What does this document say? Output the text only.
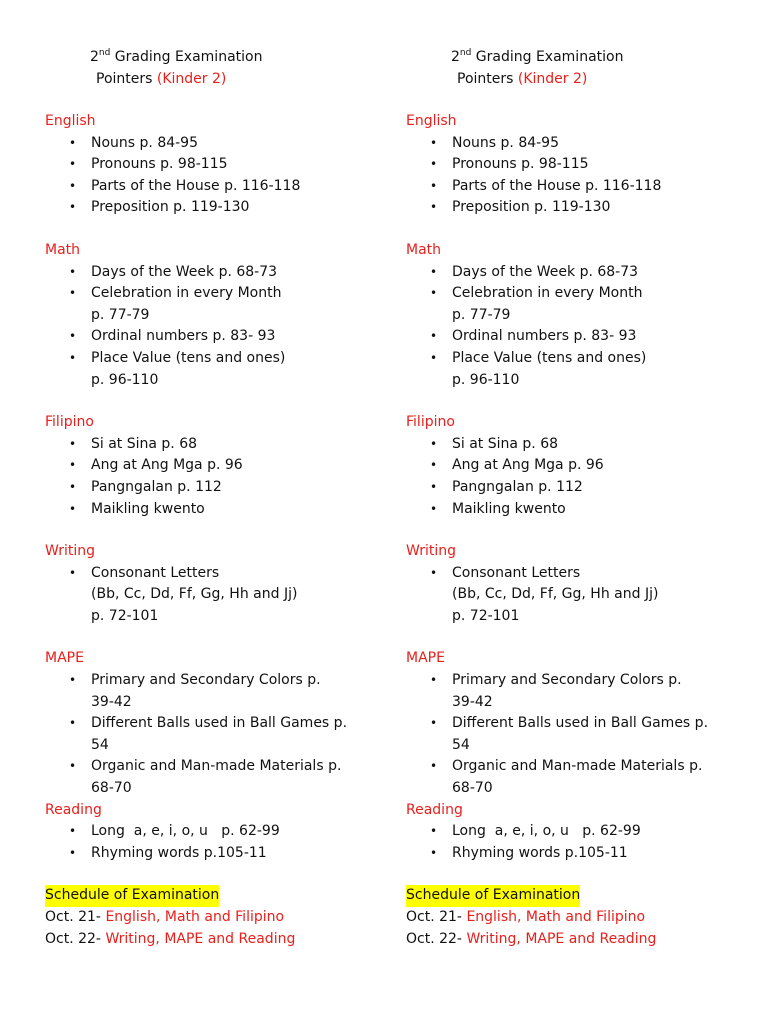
2nd Grading Examination
Pointers (Kinder 2)
English
• Nouns p. 84-95
• Pronouns p. 98-115
• Parts of the House p. 116-118
• Preposition p. 119-130
Math
• Days of the Week p. 68-73
• Celebration in every Month
p. 77-79
• Ordinal numbers p. 83- 93
• Place Value (tens and ones)
p. 96-110
Filipino
• Si at Sina p. 68
• Ang at Ang Mga p. 96
• Pangngalan p. 112
• Maikling kwento
Writing
• Consonant Letters
(Bb, Cc, Dd, Ff, Gg, Hh and Jj)
p. 72-101
MAPE
• Primary and Secondary Colors p.
39-42
• Different Balls used in Ball Games p.
54
• Organic and Man-made Materials p.
68-70
Reading
• Long  a, e, i, o, u   p. 62-99
• Rhyming words p.105-11
Schedule of Examination
Oct. 21- English, Math and Filipino
Oct. 22- Writing, MAPE and Reading
2nd Grading Examination
Pointers (Kinder 2)
English
• Nouns p. 84-95
• Pronouns p. 98-115
• Parts of the House p. 116-118
• Preposition p. 119-130
Math
• Days of the Week p. 68-73
• Celebration in every Month
p. 77-79
• Ordinal numbers p. 83- 93
• Place Value (tens and ones)
p. 96-110
Filipino
• Si at Sina p. 68
• Ang at Ang Mga p. 96
• Pangngalan p. 112
• Maikling kwento
Writing
• Consonant Letters
(Bb, Cc, Dd, Ff, Gg, Hh and Jj)
p. 72-101
MAPE
• Primary and Secondary Colors p.
39-42
• Different Balls used in Ball Games p.
54
• Organic and Man-made Materials p.
68-70
Reading
• Long  a, e, i, o, u   p. 62-99
• Rhyming words p.105-11
Schedule of Examination
Oct. 21- English, Math and Filipino
Oct. 22- Writing, MAPE and Reading
